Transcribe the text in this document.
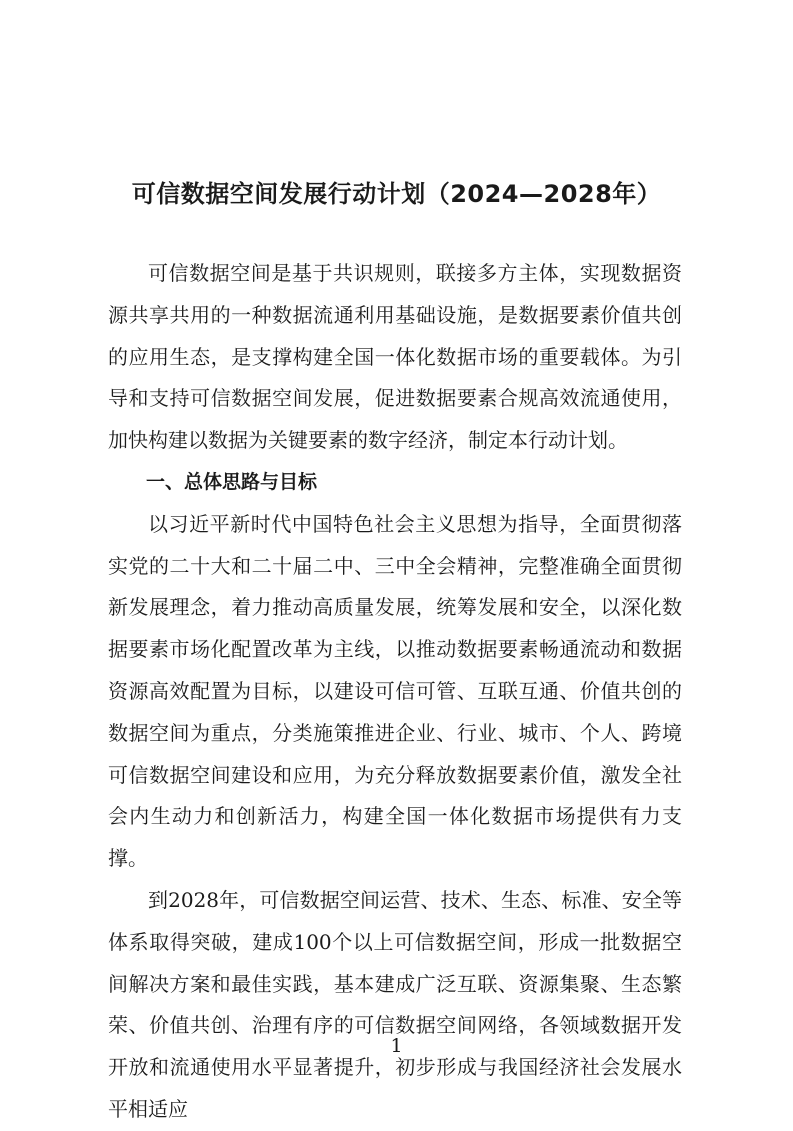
可信数据空间发展行动计划（2024—2028年）

可信数据空间是基于共识规则，联接多方主体，实现数据资源共享共用的一种数据流通利用基础设施，是数据要素价值共创的应用生态，是支撑构建全国一体化数据市场的重要载体。为引导和支持可信数据空间发展，促进数据要素合规高效流通使用，加快构建以数据为关键要素的数字经济，制定本行动计划。

一、总体思路与目标

以习近平新时代中国特色社会主义思想为指导，全面贯彻落实党的二十大和二十届二中、三中全会精神，完整准确全面贯彻新发展理念，着力推动高质量发展，统筹发展和安全，以深化数据要素市场化配置改革为主线，以推动数据要素畅通流动和数据资源高效配置为目标，以建设可信可管、互联互通、价值共创的数据空间为重点，分类施策推进企业、行业、城市、个人、跨境可信数据空间建设和应用，为充分释放数据要素价值，激发全社会内生动力和创新活力，构建全国一体化数据市场提供有力支撑。

到2028年，可信数据空间运营、技术、生态、标准、安全等体系取得突破，建成100个以上可信数据空间，形成一批数据空间解决方案和最佳实践，基本建成广泛互联、资源集聚、生态繁荣、价值共创、治理有序的可信数据空间网络，各领域数据开发开放和流通使用水平显著提升，初步形成与我国经济社会发展水平相适应

1
